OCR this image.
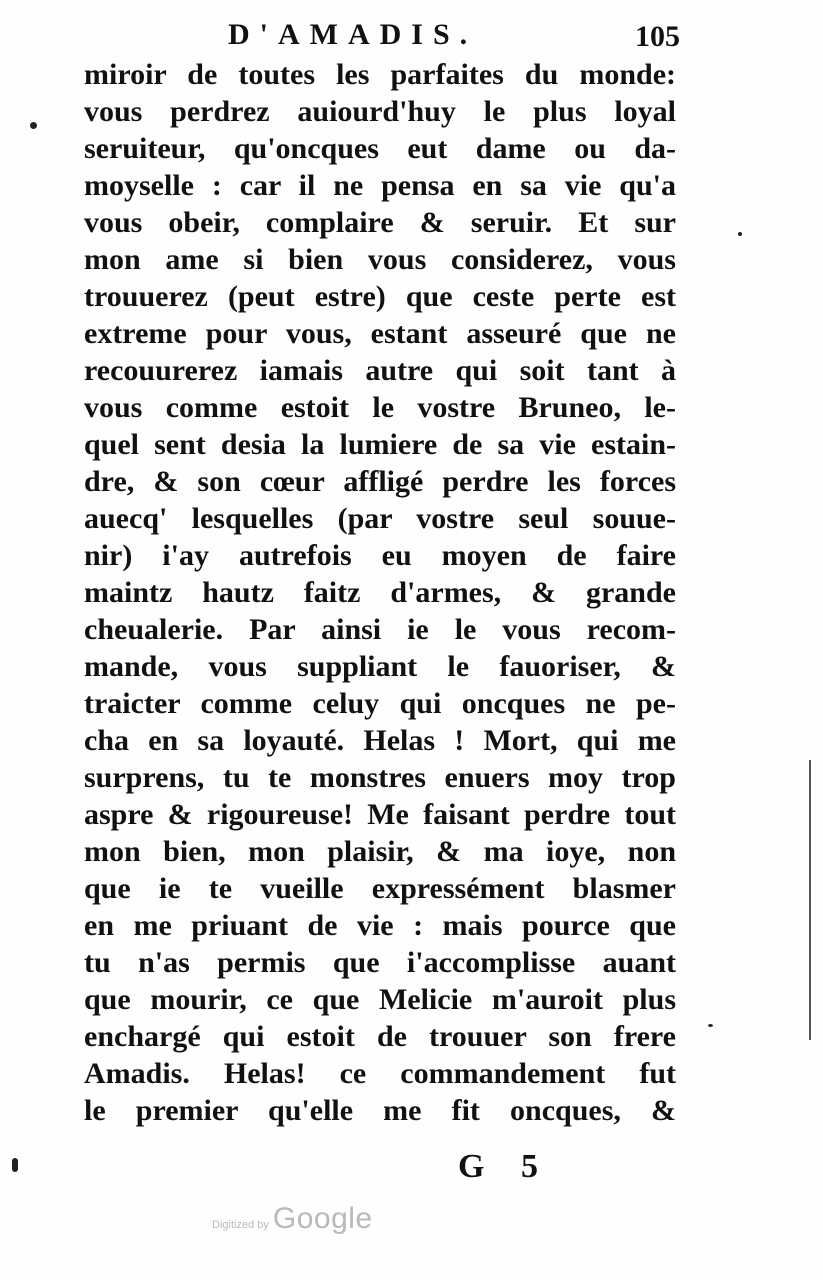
D'AMADIS.	105
miroir de toutes les parfaites du monde:
vous perdrez auiourd'huy le plus loyal
seruiteur, qu'oncques eut dame ou da-
moyselle : car il ne pensa en sa vie qu'a
vous obeir, complaire & seruir. Et sur
mon ame si bien vous considerez, vous
trouuerez (peut estre) que ceste perte est
extreme pour vous, estant asseuré que ne
recouurerez iamais autre qui soit tant à
vous comme estoit le vostre Bruneo, le-
quel sent desia la lumiere de sa vie estain-
dre, & son cœur affligé perdre les forces
auecq' lesquelles (par vostre seul souue-
nir) i'ay autrefois eu moyen de faire
maintz hautz faitz d'armes, & grande
cheualerie. Par ainsi ie le vous recom-
mande, vous suppliant le fauoriser, &
traicter comme celuy qui oncques ne pe-
cha en sa loyauté. Helas ! Mort, qui me
surprens, tu te monstres enuers moy trop
aspre & rigoureuse! Me faisant perdre tout
mon bien, mon plaisir, & ma ioye, non
que ie te vueille expressément blasmer
en me priuant de vie : mais pource que
tu n'as permis que i'accomplisse auant
que mourir, ce que Melicie m'auroit plus
enchargé qui estoit de trouuer son frere
Amadis. Helas! ce commandement fut
le premier qu'elle me fit oncques, &
G 5
Digitized by Google
